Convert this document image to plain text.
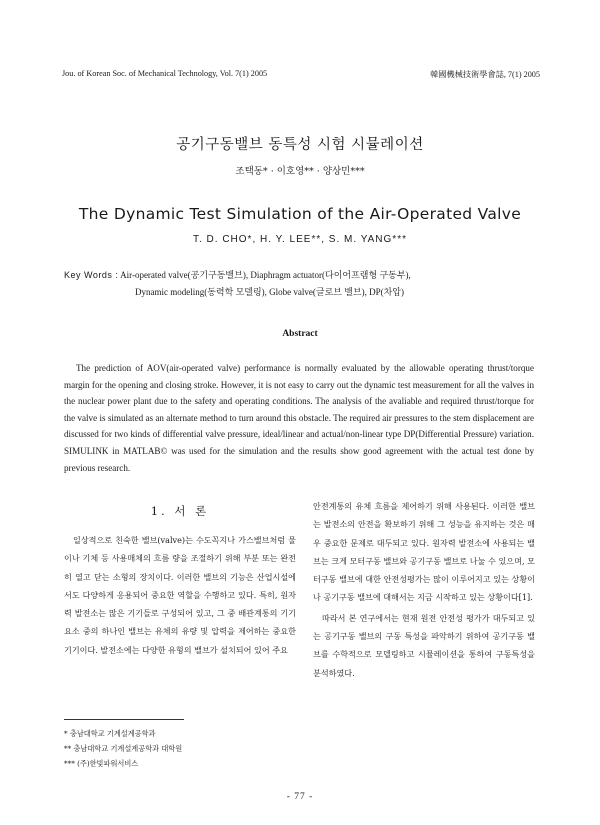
Jou. of Korean Soc. of Mechanical Technology, Vol. 7(1) 2005	韓國機械技術學會誌, 7(1) 2005
공기구동밸브 동특성 시험 시뮬레이션
조택동* · 이호영** · 양상민***
The Dynamic Test Simulation of the Air-Operated Valve
T. D. CHO*, H. Y. LEE**, S. M. YANG***
Key Words : Air-operated valve(공기구동밸브), Diaphragm actuator(다이어프램형 구동부),
Dynamic modeling(동력학 모델링), Globe valve(글로브 밸브), DP(차압)
Abstract
The prediction of AOV(air-operated valve) performance is normally evaluated by the allowable operating thrust/torque margin for the opening and closing stroke. However, it is not easy to carry out the dynamic test measurement for all the valves in the nuclear power plant due to the safety and operating conditions. The analysis of the avaliable and required thrust/torque for the valve is simulated as an alternate method to turn around this obstacle. The required air pressures to the stem displacement are discussed for two kinds of differential valve pressure, ideal/linear and actual/non-linear type DP(Differential Pressure) variation. SIMULINK in MATLAB© was used for the simulation and the results show good agreement with the actual test done by previous research.
1. 서 론
일상적으로 친숙한 밸브(valve)는 수도꼭지나 가스밸브처럼 물이나 기체 등 사용매체의 흐름 량을 조절하기 위해 부분 또는 완전히 열고 닫는 소형의 장치이다. 이러한 밸브의 기능은 산업시설에서도 다양하게 응용되어 중요한 역할을 수행하고 있다. 특히, 원자력 발전소는 많은 기기들로 구성되어 있고, 그 중 배관계통의 기기요소 중의 하나인 밸브는 유체의 유량 및 압력을 제어하는 중요한 기기이다. 발전소에는 다양한 유형의 밸브가 설치되어 있어 주요

안전계통의 유체 흐름을 제어하기 위해 사용된다. 이러한 밸브는 발전소의 안전을 확보하기 위해 그 성능을 유지하는 것은 매우 중요한 문제로 대두되고 있다. 원자력 발전소에 사용되는 밸브는 크게 모터구동 밸브와 공기구동 밸브로 나눌 수 있으며, 모터구동 밸브에 대한 안전성평가는 많이 이루어지고 있는 상황이나 공기구동 밸브에 대해서는 지금 시작하고 있는 상황이다[1].

따라서 본 연구에서는 현재 원전 안전성 평가가 대두되고 있는 공기구동 밸브의 구동 특성을 파악하기 위하여 공기구동 밸브를 수학적으로 모델링하고 시뮬레이션을 통하여 구동특성을 분석하였다.

* 충남대학교 기계설계공학과
** 충남대학교 기계설계공학과 대학원
*** (주)한빛파워서비스
- 77 -
